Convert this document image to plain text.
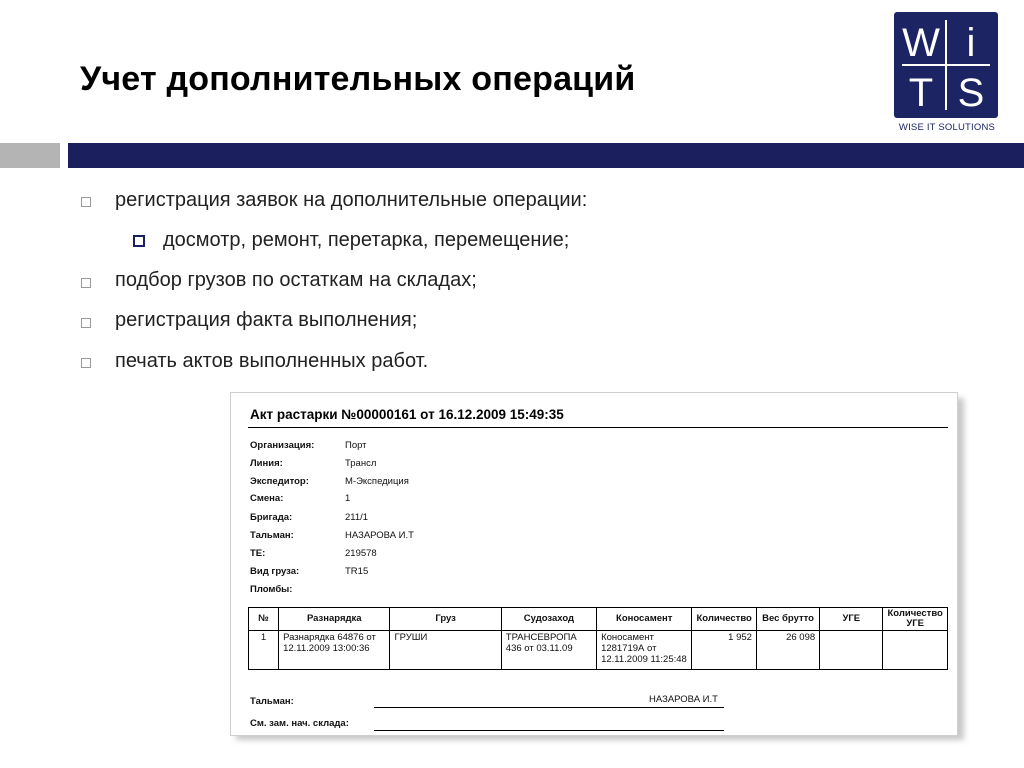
Учет дополнительных операций
W i
T S
WISE IT SOLUTIONS
регистрация заявок на дополнительные операции:
досмотр, ремонт, перетарка, перемещение;
подбор грузов по остаткам на складах;
регистрация факта выполнения;
печать актов выполненных работ.
Акт растарки №00000161 от 16.12.2009 15:49:35
Организация:	Порт
Линия:	Трансл
Экспедитор:	М-Экспедиция
Смена:	1
Бригада:	211/1
Тальман:	НАЗАРОВА И.Т
ТЕ:	219578
Вид груза:	TR15
Пломбы:
№	Разнарядка	Груз	Судозаход	Коносамент	Количество	Вес брутто	УГЕ	Количество УГЕ
1	Разнарядка 64876 от 12.11.2009 13:00:36	ГРУШИ	ТРАНСЕВРОПА 436 от 03.11.09	Коносамент 1281719А от 12.11.2009 11:25:48	1 952	26 098		
Тальман:	НАЗАРОВА И.Т
См. зам. нач. склада:
